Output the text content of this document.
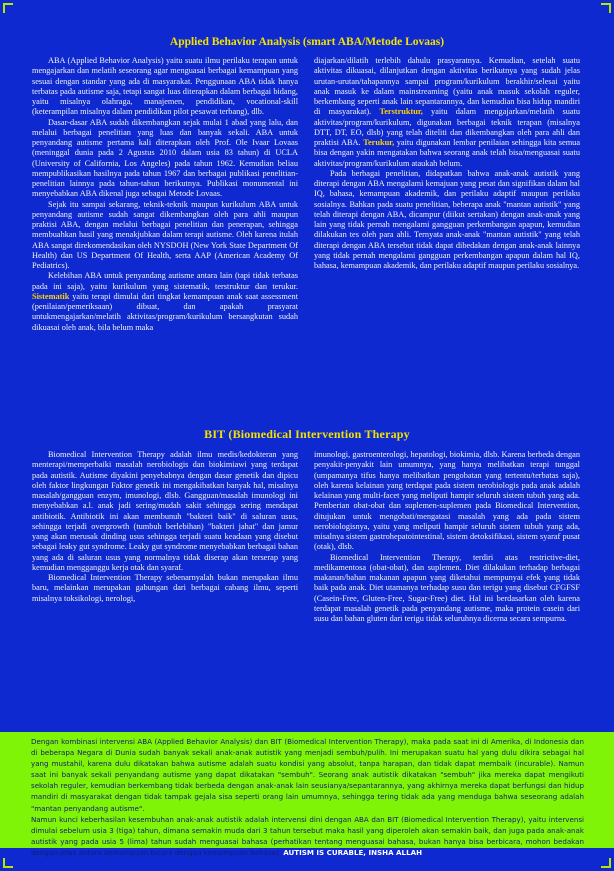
Applied Behavior Analysis (smart ABA/Metode Lovaas)

ABA (Applied Behavior Analysis) yaitu suatu ilmu perilaku terapan untuk mengajarkan dan melatih seseorang agar menguasai berbagai kemampuan yang sesuai dengan standar yang ada di masyarakat. Penggunaan ABA tidak hanya terbatas pada autisme saja, tetapi sangat luas diterapkan dalam berbagai bidang, yaitu misalnya olahraga, manajemen, pendidikan, vocational-skill (keterampilan misalnya dalam pendidikan pilot pesawat terbang), dlb.

Dasar-dasar ABA sudah dikembangkan sejak mulai 1 abad yang lalu, dan melalui berbagai penelitian yang luas dan banyak sekali. ABA untuk penyandang autisme pertama kali diterapkan oleh Prof. Ole Ivaar Lovaas (meninggal dunia pada 2 Agustus 2010 dalam usia 83 tahun) di UCLA (University of California, Los Angeles) pada tahun 1962. Kemudian beliau mempublikasikan hasilnya pada tahun 1967 dan berbagai publikasi penelitian-penelitian lainnya pada tahun-tahun berikutnya. Publikasi monumental ini menyebabkan ABA dikenal juga sebagai Metode Lovaas.

Sejak itu sampai sekarang, teknik-teknik maupun kurikulum ABA untuk penyandang autisme sudah sangat dikembangkan oleh para ahli maupun praktisi ABA, dengan melalui berbagai penelitian dan penerapan, sehingga membuahkan hasil yang menakjubkan dalam terapi autisme. Oleh karena itulah ABA sangat direkomendasikan oleh NYSDOH (New York State Department Of Health) dan US Department Of Health, serta AAP (American Academy Of Pediatrics).

Kelebihan ABA untuk penyandang autisme antara lain (tapi tidak terbatas pada ini saja), yaitu kurikulum yang sistematik, terstruktur dan terukur. Sistematik yaitu terapi dimulai dari tingkat kemampuan anak saat assessment (penilaian/pemeriksaan) dibuat, dan apakah prasyarat untukmengajarkan/melatih aktivitas/program/kurikulum bersangkutan sudah dikuasai oleh anak, bila belum maka

diajarkan/dilatih terlebih dahulu prasyaratnya. Kemudian, setelah suatu aktivitas dikuasai, dilanjutkan dengan aktivitas berikutnya yang sudah jelas urutan-urutan/tahapannya sampai program/kurikulum berakhir/selesai yaitu anak masuk ke dalam mainstreaming (yaitu anak masuk sekolah reguler, berkembang seperti anak lain sepantarannya, dan kemudian bisa hidup mandiri di masyarakat). Terstruktur, yaitu dalam mengajarkan/melatih suatu aktivitas/program/kurikulum, digunakan berbagai teknik terapan (misalnya DTT, DT, EO, dlsb) yang telah diteliti dan dikembangkan oleh para ahli dan praktisi ABA. Terukur, yaitu digunakan lembar penilaian sehingga kita semua bisa dengan yakin mengatakan bahwa seorang anak telah bisa/menguasai suatu aktivitas/program/kurikulum ataukah belum.

Pada berbagai penelitian, didapatkan bahwa anak-anak autistik yang diterapi dengan ABA mengalami kemajuan yang pesat dan signifikan dalam hal IQ, bahasa, kemampuan akademik, dan perilaku adaptif maupun perilaku sosialnya. Bahkan pada suatu penelitian, beberapa anak "mantan autistik" yang telah diterapi dengan ABA, dicampur (diikut sertakan) dengan anak-anak yang lain yang tidak pernah mengalami gangguan perkembangan apapun, kemudian dilakukan tes oleh para ahli. Ternyata anak-anak "mantan autistik" yang telah diterapi dengan ABA tersebut tidak dapat dibedakan dengan anak-anak lainnya yang tidak pernah mengalami gangguan perkembangan apapun dalam hal IQ, bahasa, kemampuan akademik, dan perilaku adaptif maupun perilaku sosialnya.

BIT (Biomedical Intervention Therapy

Biomedical Intervention Therapy adalah ilmu medis/kedokteran yang menterapi/memperbaiki masalah nerobiologis dan biokimiawi yang terdapat pada autistik. Autisme diyakini penyebabnya dengan dasar genetik dan dipicu oleh faktor lingkungan Faktor genetik ini mengakibatkan banyak hal, misalnya masalah/gangguan enzym, imunologi, dlsb. Gangguan/masalah imunologi ini menyebabkan a.l. anak jadi sering/mudah sakit sehingga sering mendapat antibiotik. Antibiotik ini akan membunuh "bakteri baik" di saluran usus, sehingga terjadi overgrowth (tumbuh berlebihan) "bakteri jahat" dan jamur yang akan merusak dinding usus sehingga terjadi suatu keadaan yang disebut sebagai leaky gut syndrome. Leaky gut syndrome menyebabkan berbagai bahan yang ada di saluran usus yang normalnya tidak diserap akan terserap yang kemudian mengganggu kerja otak dan syaraf.

Biomedical Intervention Therapy sebenarnyalah bukan merupakan ilmu baru, melainkan merupakan gabungan dari berbagai cabang ilmu, seperti misalnya toksikologi, nerologi,

imunologi, gastroenterologi, hepatologi, biokimia, dlsb. Karena berbeda dengan penyakit-penyakit lain umumnya, yang hanya melibatkan terapi tunggal (umpamanya tifus hanya melibatkan pengobatan yang tertentu/terbatas saja), oleh karena kelainan yang terdapat pada sistem nerobiologis pada anak adalah kelainan yang multi-facet yang meliputi hampir seluruh sistem tubuh yang ada. Pemberian obat-obat dan suplemen-suplemen pada Biomedical Intervention, ditujukan untuk mengobati/mengatasi masalah yang ada pada sistem nerobiologisnya, yaitu yang meliputi hampir seluruh sistem tubuh yang ada, misalnya sistem gastrohepatointestinal, sistem detoksifikasi, sistem syaraf pusat (otak), dlsb.

Biomedical Intervention Therapy, terdiri atas restrictive-diet, medikamentosa (obat-obat), dan suplemen. Diet dilakukan terhadap berbagai makanan/bahan makanan apapun yang diketahui mempunyai efek yang tidak baik pada anak. Diet utamanya terhadap susu dan terigu yang disebut CFGFSF (Casein-Free, Gluten-Free, Sugar-Free) diet. Hal ini berdasarkan oleh karena terdapat masalah genetik pada penyandang autisme, maka protein casein dari susu dan bahan gluten dari terigu tidak seluruhnya dicerna secara sempurna.

Dengan kombinasi intervensi ABA (Applied Behavior Analysis) dan BIT (Biomedical Intervention Therapy), maka pada saat ini di Amerika, di Indonesia dan di beberapa Negara di Dunia sudah banyak sekali anak-anak autistik yang menjadi sembuh/pulih. Ini merupakan suatu hal yang dulu dikira sebagai hal yang mustahil, karena dulu dikatakan bahwa autisme adalah suatu kondisi yang absolut, tanpa harapan, dan tidak dapat membaik (incurable). Namun saat ini banyak sekali penyandang autisme yang dapat dikatakan "sembuh". Seorang anak autistik dikatakan "sembuh" jika mereka dapat mengikuti sekolah reguler, kemudian berkembang tidak berbeda dengan anak-anak lain seusianya/sepantarannya, yang akhirnya mereka dapat berfungsi dan hidup mandiri di masyarakat dengan tidak tampak gejala sisa seperti orang lain umumnya, sehingga tering tidak ada yang menduga bahwa seseorang adalah "mantan penyandang autisme".

Namun kunci keberhasilan kesembuhan anak-anak autistik adalah intervensi dini dengan ABA dan BIT (Biomedical Intervention Therapy), yaitu intervensi dimulai sebelum usia 3 (tiga) tahun, dimana semakin muda dari 3 tahun tersebut maka hasil yang diperoleh akan semakin baik, dan juga pada anak-anak autistik yang pada usia 5 (lima) tahun sudah menguasai bahasa (perhatikan tentang menguasai bahasa, bukan hanya bisa berbicara, mohon bedakan dengan jelas antara kemampuan bicara dengan kemampuan bahasa). AUTISM IS CURABLE, INSHA ALLAH
